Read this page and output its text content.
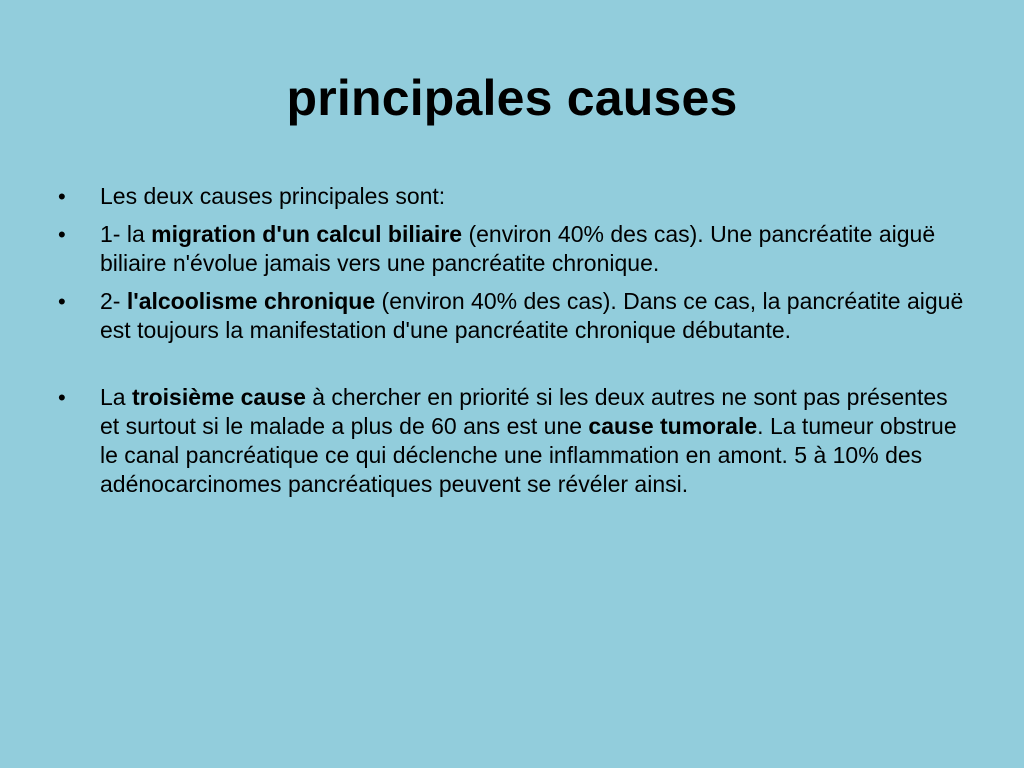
principales causes
•	Les deux causes principales sont:
•	1- la migration d'un calcul biliaire (environ 40% des cas). Une pancréatite aiguë biliaire n'évolue jamais vers une pancréatite chronique.
•	2- l'alcoolisme chronique (environ 40% des cas). Dans ce cas, la pancréatite aiguë est toujours la manifestation d'une pancréatite chronique débutante.
•	La troisième cause à chercher en priorité si les deux autres ne sont pas présentes et surtout si le malade a plus de 60 ans est une cause tumorale. La tumeur obstrue le canal pancréatique ce qui déclenche une inflammation en amont. 5 à 10% des adénocarcinomes pancréatiques peuvent se révéler ainsi.
